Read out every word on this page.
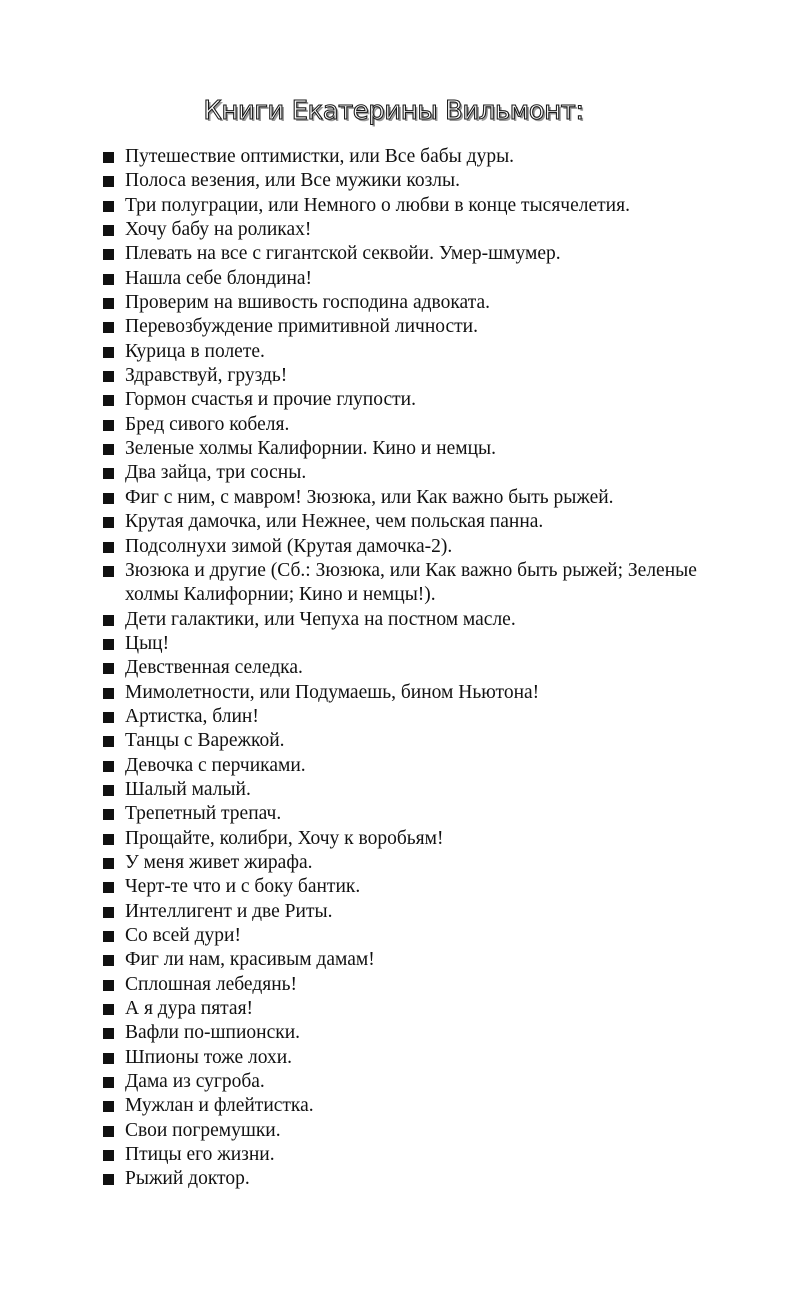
Книги Екатерины Вильмонт:
Путешествие оптимистки, или Все бабы дуры.
Полоса везения, или Все мужики козлы.
Три полуграции, или Немного о любви в конце тысячелетия.
Хочу бабу на роликах!
Плевать на все с гигантской секвойи. Умер-шмумер.
Нашла себе блондина!
Проверим на вшивость господина адвоката.
Перевозбуждение примитивной личности.
Курица в полете.
Здравствуй, груздь!
Гормон счастья и прочие глупости.
Бред сивого кобеля.
Зеленые холмы Калифорнии. Кино и немцы.
Два зайца, три сосны.
Фиг с ним, с мавром! Зюзюка, или Как важно быть рыжей.
Крутая дамочка, или Нежнее, чем польская панна.
Подсолнухи зимой (Крутая дамочка-2).
Зюзюка и другие (Сб.: Зюзюка, или Как важно быть рыжей; Зеленые холмы Калифорнии; Кино и немцы!).
Дети галактики, или Чепуха на постном масле.
Цыц!
Девственная селедка.
Мимолетности, или Подумаешь, бином Ньютона!
Артистка, блин!
Танцы с Варежкой.
Девочка с перчиками.
Шалый малый.
Трепетный трепач.
Прощайте, колибри, Хочу к воробьям!
У меня живет жирафа.
Черт-те что и с боку бантик.
Интеллигент и две Риты.
Со всей дури!
Фиг ли нам, красивым дамам!
Сплошная лебедянь!
А я дура пятая!
Вафли по-шпионски.
Шпионы тоже лохи.
Дама из сугроба.
Мужлан и флейтистка.
Свои погремушки.
Птицы его жизни.
Рыжий доктор.
